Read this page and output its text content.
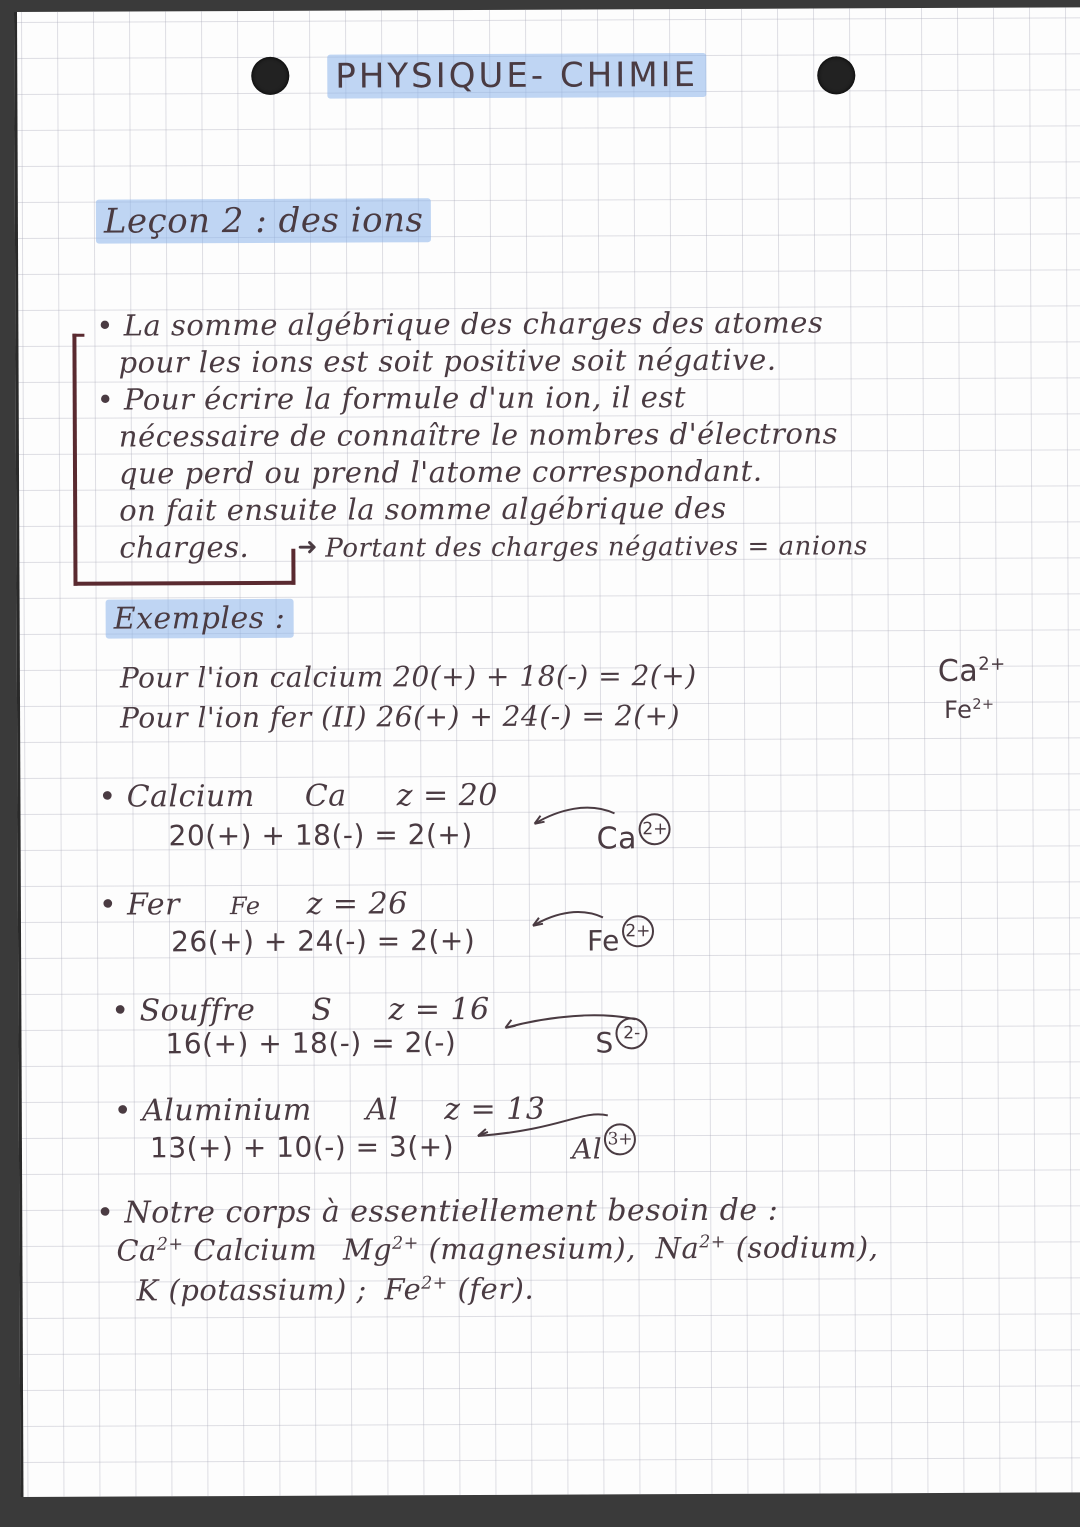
PHYSIQUE- CHIMIE
Leçon 2 : des ions
• La somme algébrique des charges des atomes
pour les ions est soit positive soit négative.
• Pour écrire la formule d'un ion, il est
nécessaire de connaître le nombres d'électrons
que perd ou prend l'atome correspondant.
on fait ensuite la somme algébrique des
charges. ➜ Portant des charges négatives = anions
Exemples :
Pour l'ion calcium 20(+) + 18(-) = 2(+)
Pour l'ion fer (II) 26(+) + 24(-) = 2(+)
$Ca^{2+}$
$Fe^{2+}$
• Calcium Ca z = 20
20(+) + 18(-) = 2(+)	Ca 2+
• Fer Fe z = 26
26(+) + 24(-) = 2(+)	Fe 2+
• Souffre S z = 16
16(+) + 18(-) = 2(-)	S 2-
• Aluminium Al z = 13
13(+) + 10(-) = 3(+)	Al 3+
• Notre corps à essentiellement besoin de :
$Ca^{2+}$ Calcium $Mg^{2+}$ (magnesium), $Na^{2+}$ (sodium),
K (potassium) ; $Fe^{2+}$ (fer).
